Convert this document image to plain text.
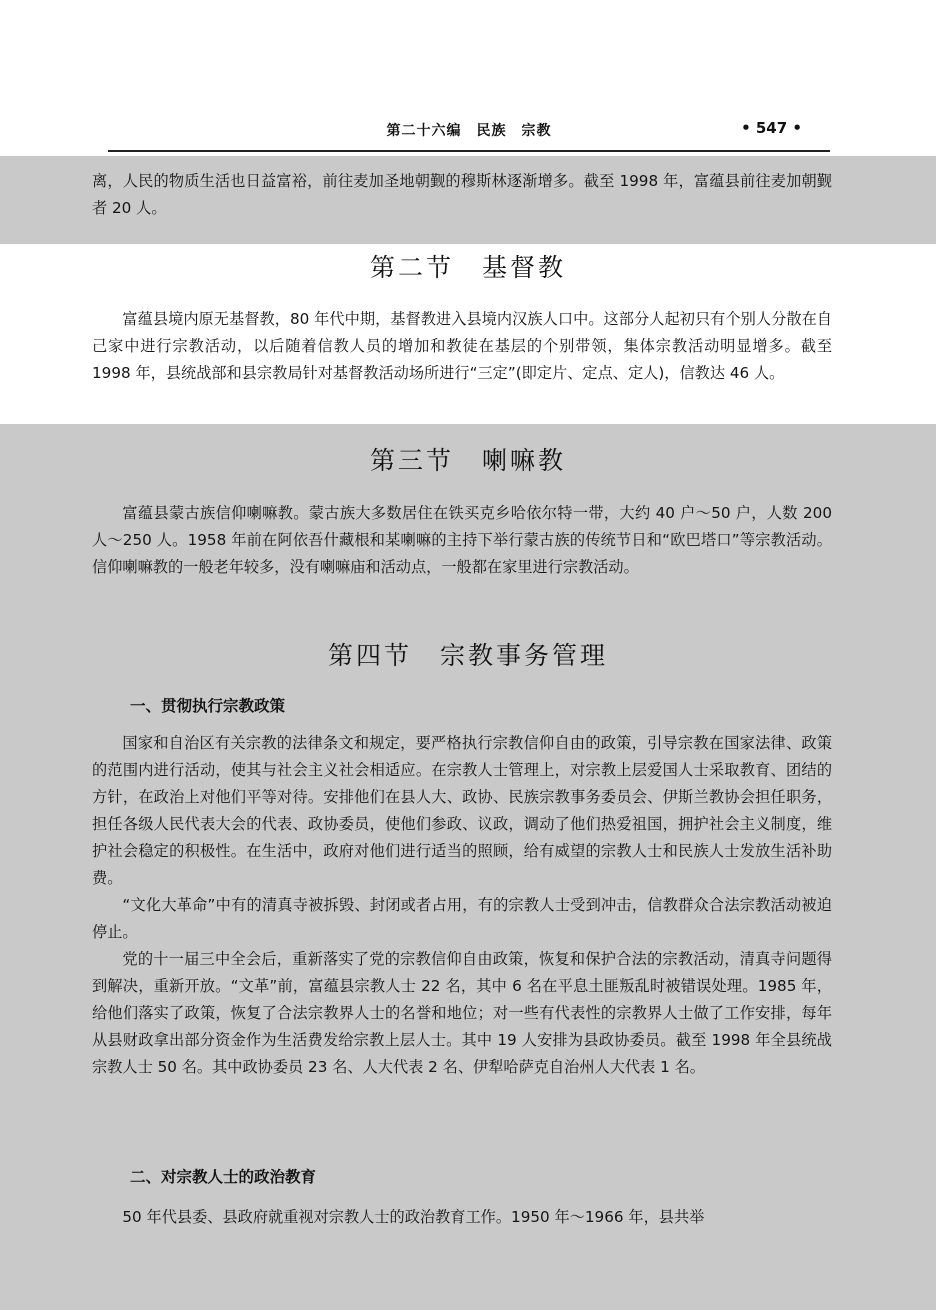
第二十六编　民族　宗教	• 547 •

离，人民的物质生活也日益富裕，前往麦加圣地朝觐的穆斯林逐渐增多。截至 1998 年，富蕴县前往麦加朝觐者 20 人。

第二节　基督教

富蕴县境内原无基督教，80 年代中期，基督教进入县境内汉族人口中。这部分人起初只有个别人分散在自己家中进行宗教活动，以后随着信教人员的增加和教徒在基层的个别带领，集体宗教活动明显增多。截至 1998 年，县统战部和县宗教局针对基督教活动场所进行“三定”(即定片、定点、定人)，信教达 46 人。

第三节　喇嘛教

富蕴县蒙古族信仰喇嘛教。蒙古族大多数居住在铁买克乡哈依尔特一带，大约 40 户～50 户，人数 200 人～250 人。1958 年前在阿依吾什藏根和某喇嘛的主持下举行蒙古族的传统节日和“欧巴塔口”等宗教活动。信仰喇嘛教的一般老年较多，没有喇嘛庙和活动点，一般都在家里进行宗教活动。

第四节　宗教事务管理
一、贯彻执行宗教政策

国家和自治区有关宗教的法律条文和规定，要严格执行宗教信仰自由的政策，引导宗教在国家法律、政策的范围内进行活动，使其与社会主义社会相适应。在宗教人士管理上，对宗教上层爱国人士采取教育、团结的方针，在政治上对他们平等对待。安排他们在县人大、政协、民族宗教事务委员会、伊斯兰教协会担任职务，担任各级人民代表大会的代表、政协委员，使他们参政、议政，调动了他们热爱祖国，拥护社会主义制度，维护社会稳定的积极性。在生活中，政府对他们进行适当的照顾，给有威望的宗教人士和民族人士发放生活补助费。

“文化大革命”中有的清真寺被拆毁、封闭或者占用，有的宗教人士受到冲击，信教群众合法宗教活动被迫停止。

党的十一届三中全会后，重新落实了党的宗教信仰自由政策，恢复和保护合法的宗教活动，清真寺问题得到解决，重新开放。“文革”前，富蕴县宗教人士 22 名，其中 6 名在平息土匪叛乱时被错误处理。1985 年，给他们落实了政策，恢复了合法宗教界人士的名誉和地位；对一些有代表性的宗教界人士做了工作安排，每年从县财政拿出部分资金作为生活费发给宗教上层人士。其中 19 人安排为县政协委员。截至 1998 年全县统战宗教人士 50 名。其中政协委员 23 名、人大代表 2 名、伊犁哈萨克自治州人大代表 1 名。

二、对宗教人士的政治教育

50 年代县委、县政府就重视对宗教人士的政治教育工作。1950 年～1966 年，县共举
